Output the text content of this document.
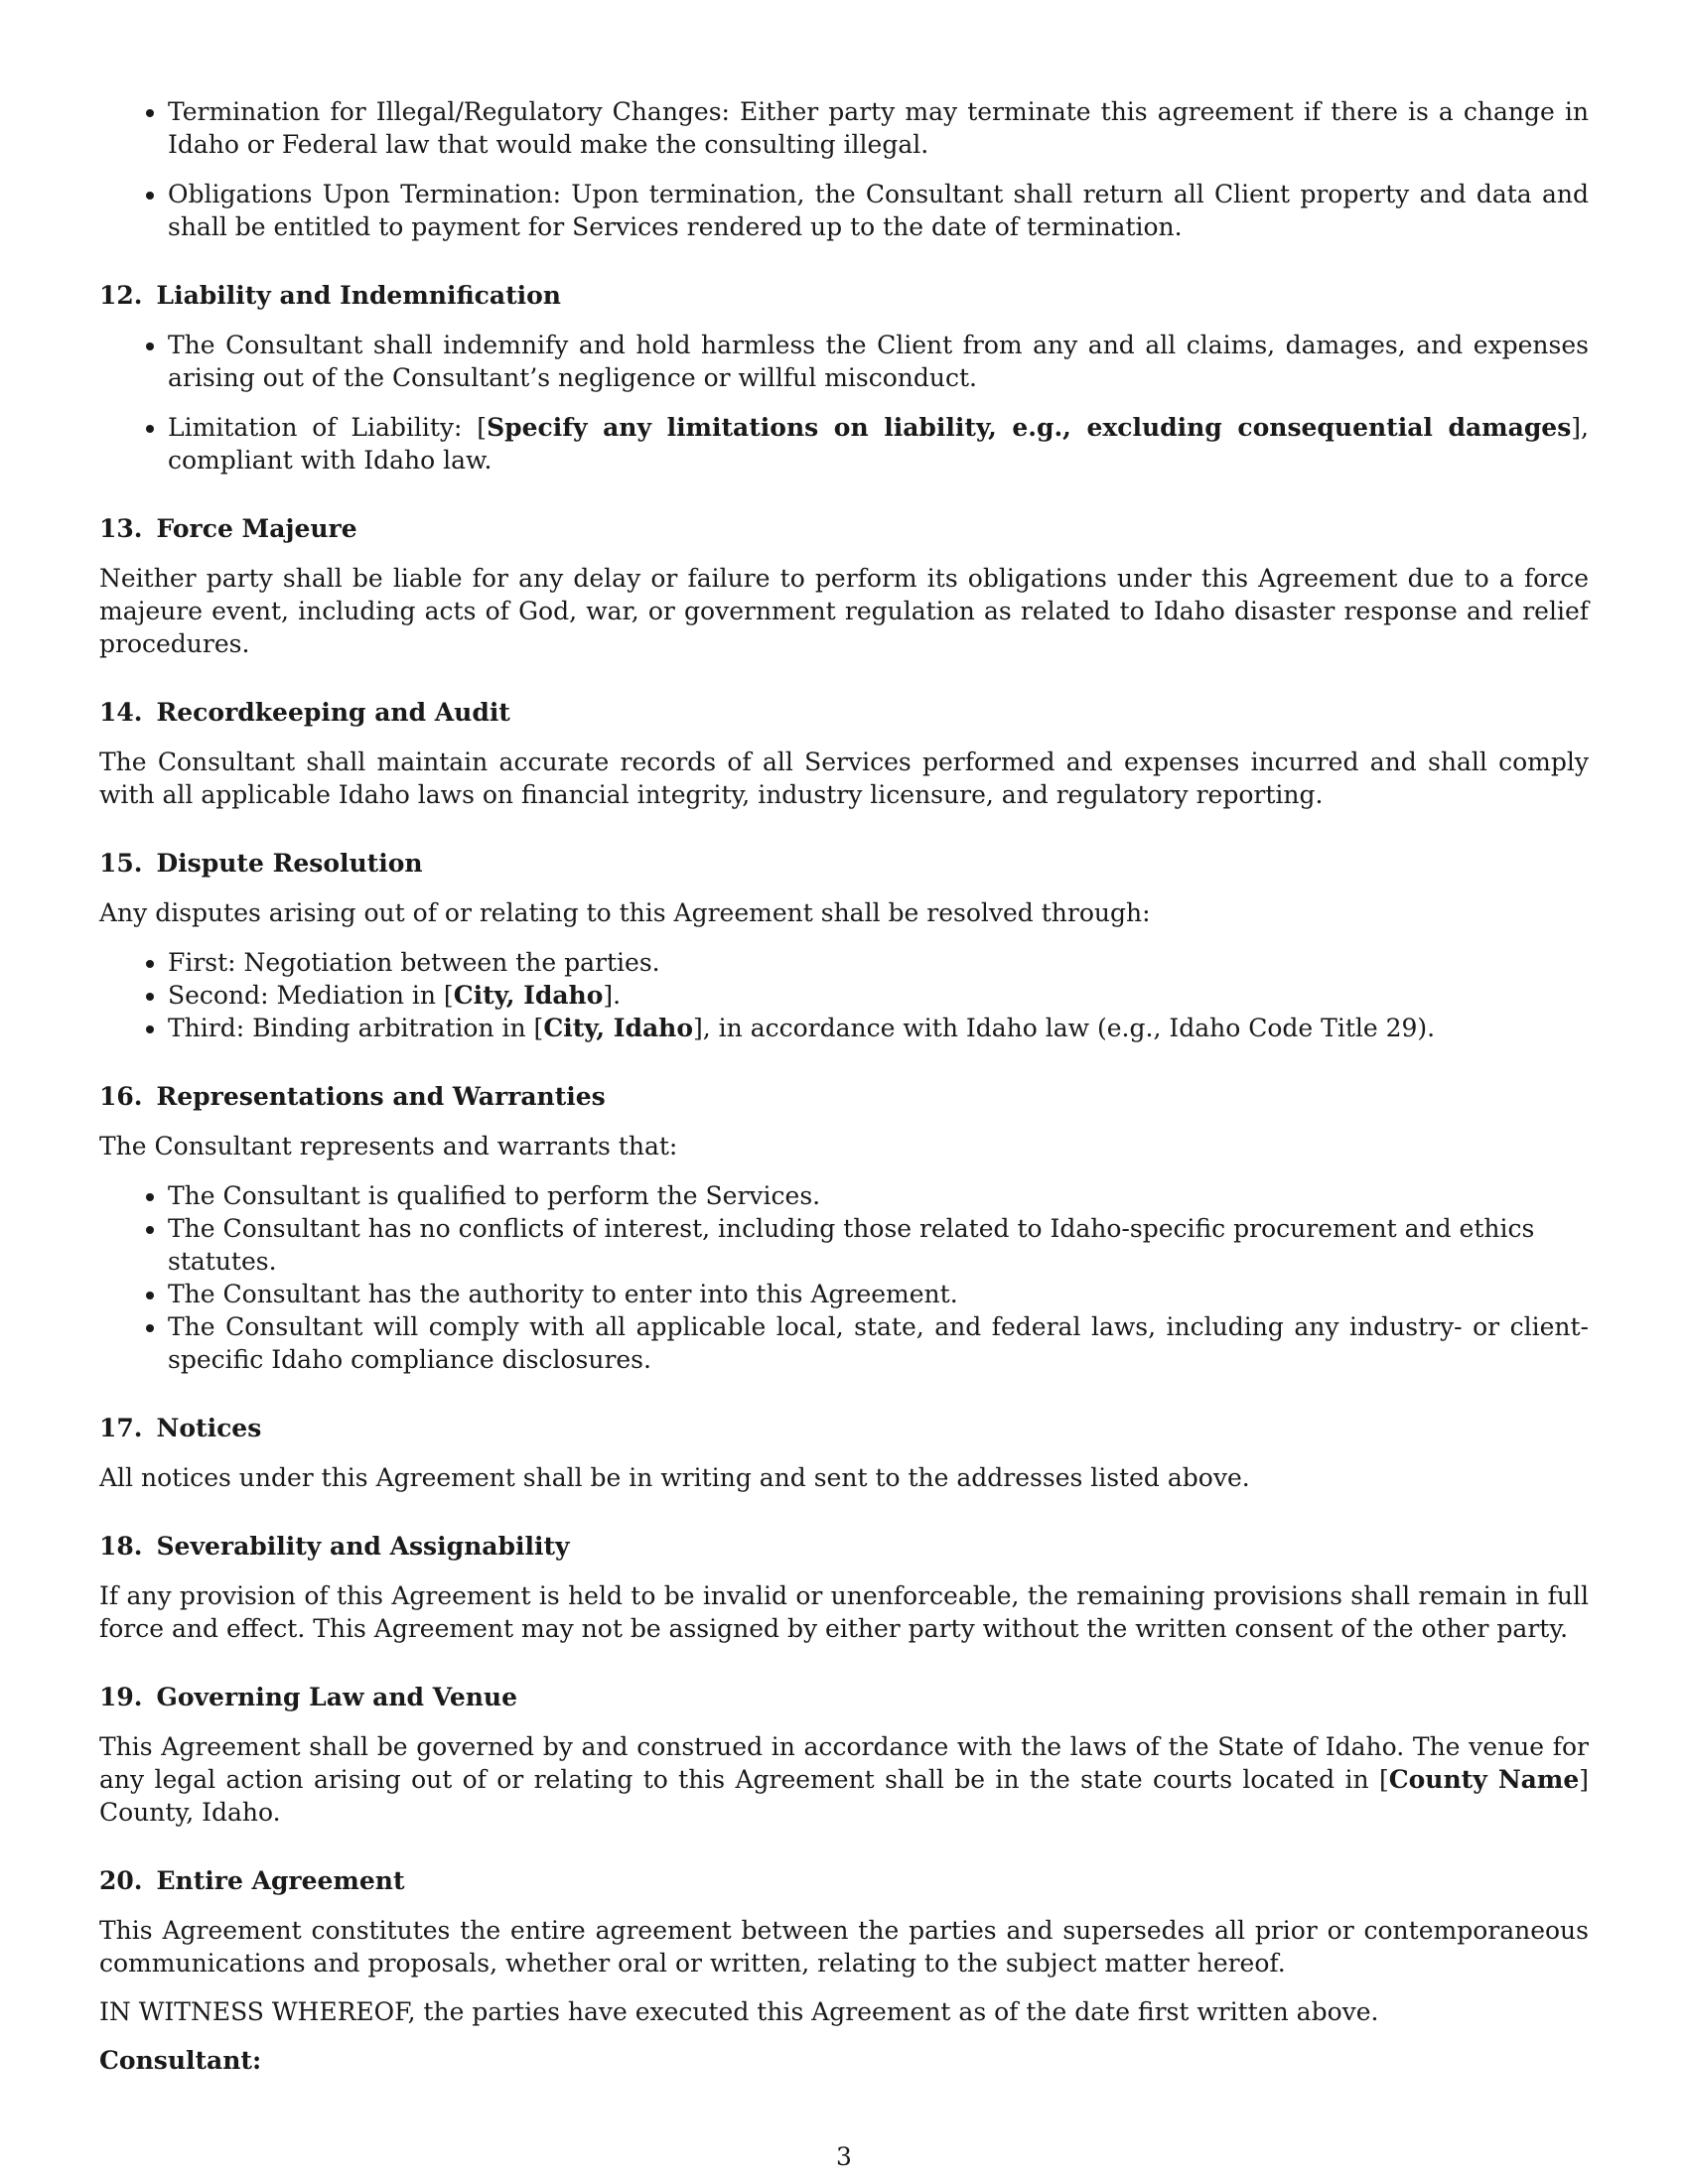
• Termination for Illegal/Regulatory Changes: Either party may terminate this agreement if there is a change in Idaho or Federal law that would make the consulting illegal.
• Obligations Upon Termination: Upon termination, the Consultant shall return all Client property and data and shall be entitled to payment for Services rendered up to the date of termination.
12. Liability and Indemnification
• The Consultant shall indemnify and hold harmless the Client from any and all claims, damages, and expenses arising out of the Consultant’s negligence or willful misconduct.
• Limitation of Liability: [Specify any limitations on liability, e.g., excluding consequential damages], compliant with Idaho law.
13. Force Majeure

Neither party shall be liable for any delay or failure to perform its obligations under this Agreement due to a force majeure event, including acts of God, war, or government regulation as related to Idaho disaster response and relief procedures.

14. Recordkeeping and Audit

The Consultant shall maintain accurate records of all Services performed and expenses incurred and shall comply with all applicable Idaho laws on financial integrity, industry licensure, and regulatory reporting.

15. Dispute Resolution

Any disputes arising out of or relating to this Agreement shall be resolved through:

• First: Negotiation between the parties.
• Second: Mediation in [City, Idaho].
• Third: Binding arbitration in [City, Idaho], in accordance with Idaho law (e.g., Idaho Code Title 29).
16. Representations and Warranties

The Consultant represents and warrants that:

• The Consultant is qualified to perform the Services.
• The Consultant has no conflicts of interest, including those related to Idaho-specific procurement and ethics statutes.
• The Consultant has the authority to enter into this Agreement.
• The Consultant will comply with all applicable local, state, and federal laws, including any industry- or client-specific Idaho compliance disclosures.
17. Notices

All notices under this Agreement shall be in writing and sent to the addresses listed above.

18. Severability and Assignability

If any provision of this Agreement is held to be invalid or unenforceable, the remaining provisions shall remain in full force and effect. This Agreement may not be assigned by either party without the written consent of the other party.

19. Governing Law and Venue

This Agreement shall be governed by and construed in accordance with the laws of the State of Idaho. The venue for any legal action arising out of or relating to this Agreement shall be in the state courts located in [County Name] County, Idaho.

20. Entire Agreement

This Agreement constitutes the entire agreement between the parties and supersedes all prior or contemporaneous communications and proposals, whether oral or written, relating to the subject matter hereof.

IN WITNESS WHEREOF, the parties have executed this Agreement as of the date first written above.

Consultant:

3
